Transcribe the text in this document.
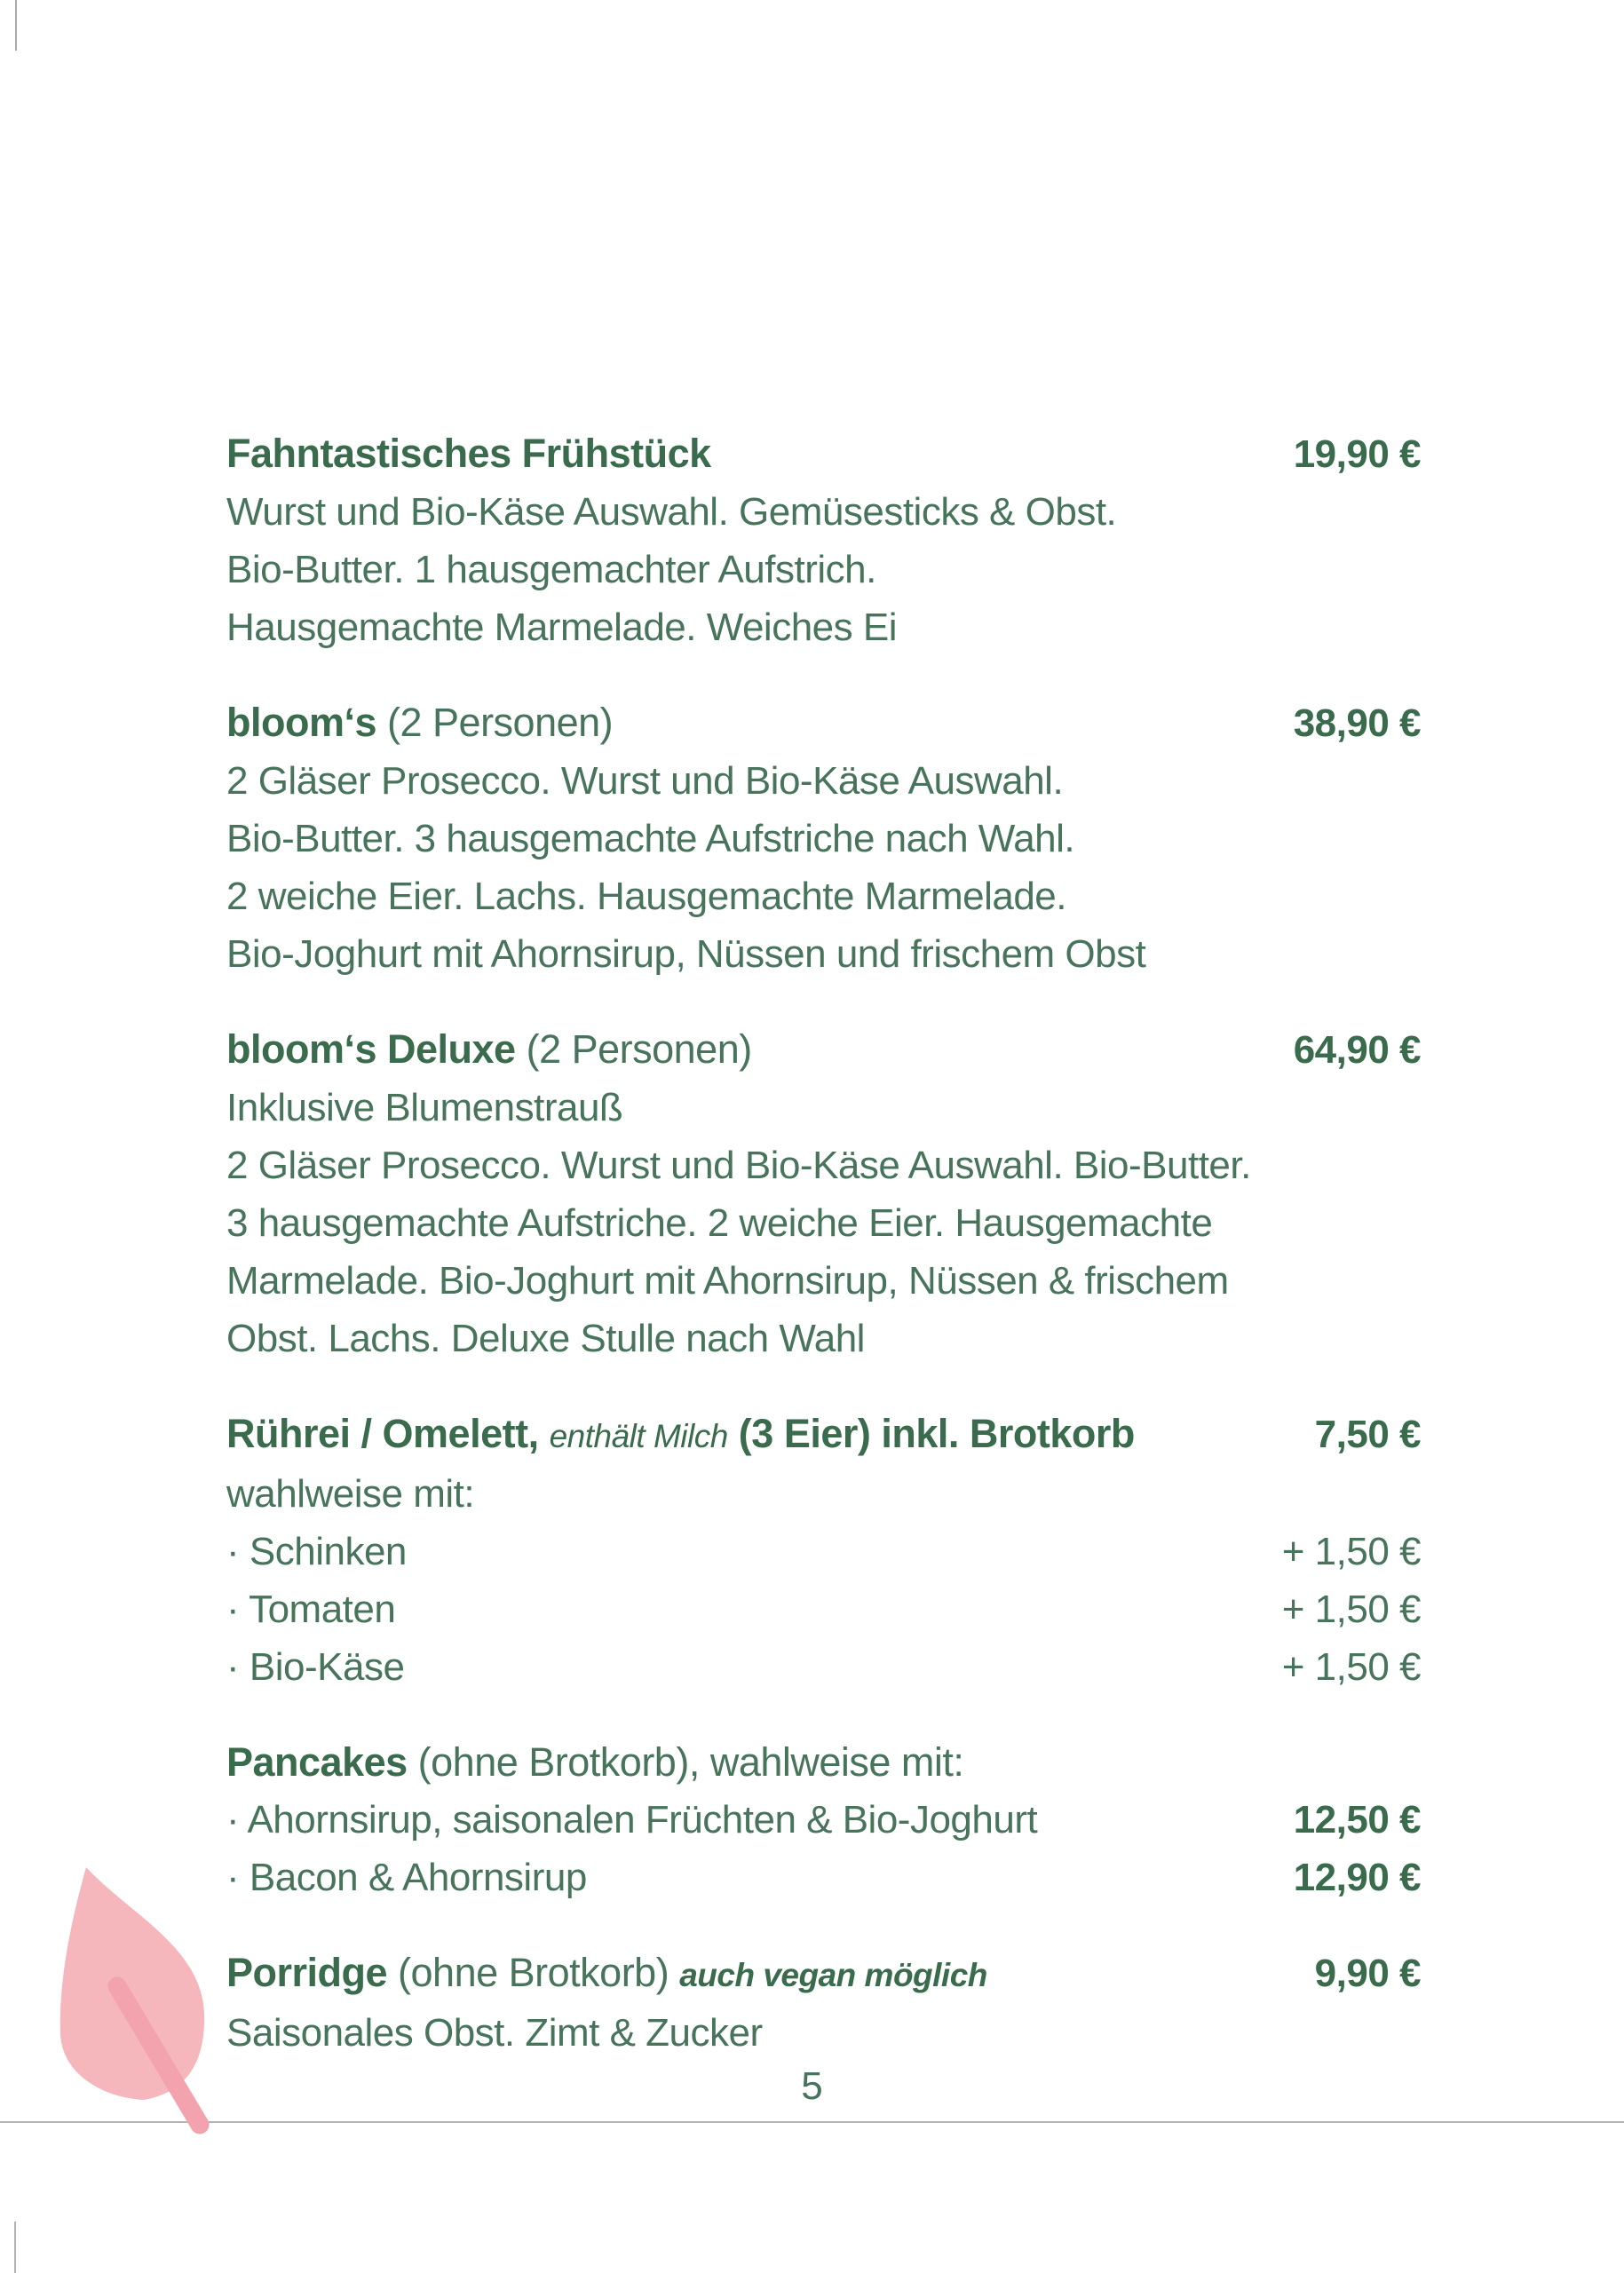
Fahntastisches Frühstück	19,90 €
Wurst und Bio-Käse Auswahl. Gemüsesticks & Obst.
Bio-Butter. 1 hausgemachter Aufstrich.
Hausgemachte Marmelade. Weiches Ei
bloom‘s (2 Personen)	38,90 €
2 Gläser Prosecco. Wurst und Bio-Käse Auswahl.
Bio-Butter. 3 hausgemachte Aufstriche nach Wahl.
2 weiche Eier. Lachs. Hausgemachte Marmelade.
Bio-Joghurt mit Ahornsirup, Nüssen und frischem Obst
bloom‘s Deluxe (2 Personen)	64,90 €
Inklusive Blumenstrauß
2 Gläser Prosecco. Wurst und Bio-Käse Auswahl. Bio-Butter.
3 hausgemachte Aufstriche. 2 weiche Eier. Hausgemachte
Marmelade. Bio-Joghurt mit Ahornsirup, Nüssen & frischem
Obst. Lachs. Deluxe Stulle nach Wahl
Rührei / Omelett, enthält Milch (3 Eier) inkl. Brotkorb	7,50 €
wahlweise mit:
· Schinken	+ 1,50 €
· Tomaten	+ 1,50 €
· Bio-Käse	+ 1,50 €
Pancakes (ohne Brotkorb), wahlweise mit:
· Ahornsirup, saisonalen Früchten & Bio-Joghurt	12,50 €
· Bacon & Ahornsirup	12,90 €
Porridge (ohne Brotkorb) auch vegan möglich	9,90 €
Saisonales Obst. Zimt & Zucker
5
